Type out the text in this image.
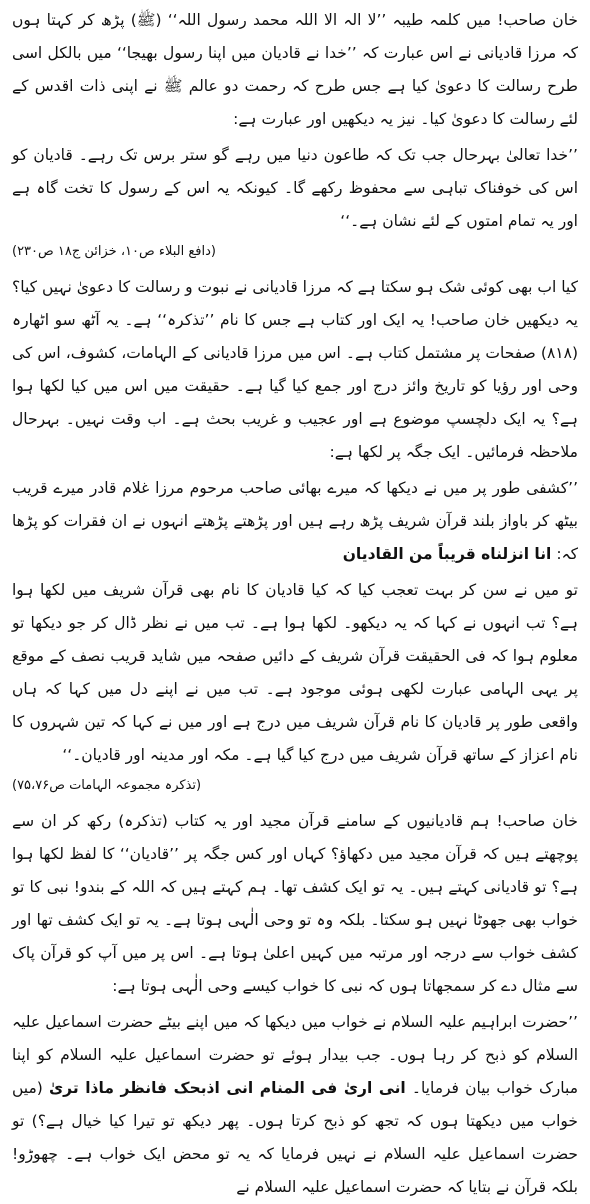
خان صاحب! میں کلمہ طیبہ ’’لا الہ الا اللہ محمد رسول اللہ‘‘ (ﷺ) پڑھ کر کہتا ہوں کہ مرزا قادیانی نے اس عبارت کہ ’’خدا نے قادیان میں اپنا رسول بھیجا‘‘ میں بالکل اسی طرح رسالت کا دعویٰ کیا ہے جس طرح کہ رحمت دو عالم ﷺ نے اپنی ذات اقدس کے لئے رسالت کا دعویٰ کیا۔ نیز یہ دیکھیں اور عبارت ہے:

’’خدا تعالیٰ بہرحال جب تک کہ طاعون دنیا میں رہے گو ستر برس تک رہے۔ قادیان کو اس کی خوفناک تباہی سے محفوظ رکھے گا۔ کیونکہ یہ اس کے رسول کا تخت گاہ ہے اور یہ تمام امتوں کے لئے نشان ہے۔‘‘

(دافع البلاء ص۱۰، خزائن ج۱۸ ص۲۳۰)

کیا اب بھی کوئی شک ہو سکتا ہے کہ مرزا قادیانی نے نبوت و رسالت کا دعویٰ نہیں کیا؟ یہ دیکھیں خان صاحب! یہ ایک اور کتاب ہے جس کا نام ’’تذکرہ‘‘ ہے۔ یہ آٹھ سو اٹھارہ (۸۱۸) صفحات پر مشتمل کتاب ہے۔ اس میں مرزا قادیانی کے الہامات، کشوف، اس کی وحی اور رؤیا کو تاریخ وائز درج اور جمع کیا گیا ہے۔ حقیقت میں اس میں کیا لکھا ہوا ہے؟ یہ ایک دلچسپ موضوع ہے اور عجیب و غریب بحث ہے۔ اب وقت نہیں۔ بہرحال ملاحظہ فرمائیں۔ ایک جگہ پر لکھا ہے:

’’کشفی طور پر میں نے دیکھا کہ میرے بھائی صاحب مرحوم مرزا غلام قادر میرے قریب بیٹھ کر باواز بلند قرآن شریف پڑھ رہے ہیں اور پڑھتے پڑھتے انہوں نے ان فقرات کو پڑھا کہ: انا انزلناه قريباً من القاديان

تو میں نے سن کر بہت تعجب کیا کہ کیا قادیان کا نام بھی قرآن شریف میں لکھا ہوا ہے؟ تب انہوں نے کہا کہ یہ دیکھو۔ لکھا ہوا ہے۔ تب میں نے نظر ڈال کر جو دیکھا تو معلوم ہوا کہ فی الحقیقت قرآن شریف کے دائیں صفحہ میں شاید قریب نصف کے موقع پر یہی الہامی عبارت لکھی ہوئی موجود ہے۔ تب میں نے اپنے دل میں کہا کہ ہاں واقعی طور پر قادیان کا نام قرآن شریف میں درج ہے اور میں نے کہا کہ تین شہروں کا نام اعزاز کے ساتھ قرآن شریف میں درج کیا گیا ہے۔ مکہ اور مدینہ اور قادیان۔‘‘

(تذکرہ مجموعہ الہامات ص۷۵،۷۶)

خان صاحب! ہم قادیانیوں کے سامنے قرآن مجید اور یہ کتاب (تذکرہ) رکھ کر ان سے پوچھتے ہیں کہ قرآن مجید میں دکھاؤ؟ کہاں اور کس جگہ پر ’’قادیان‘‘ کا لفظ لکھا ہوا ہے؟ تو قادیانی کہتے ہیں۔ یہ تو ایک کشف تھا۔ ہم کہتے ہیں کہ اللہ کے بندو! نبی کا تو خواب بھی جھوٹا نہیں ہو سکتا۔ بلکہ وہ تو وحی الٰہی ہوتا ہے۔ یہ تو ایک کشف تھا اور کشف خواب سے درجہ اور مرتبہ میں کہیں اعلیٰ ہوتا ہے۔ اس پر میں آپ کو قرآن پاک سے مثال دے کر سمجھاتا ہوں کہ نبی کا خواب کیسے وحی الٰہی ہوتا ہے:

’’حضرت ابراہیم علیہ السلام نے خواب میں دیکھا کہ میں اپنے بیٹے حضرت اسماعیل علیہ السلام کو ذبح کر رہا ہوں۔ جب بیدار ہوئے تو حضرت اسماعیل علیہ السلام کو اپنا مبارک خواب بیان فرمایا۔ انی اریٰ فی المنام انی اذبحک فانظر ماذا تریٰ (میں خواب میں دیکھتا ہوں کہ تجھ کو ذبح کرتا ہوں۔ پھر دیکھ تو تیرا کیا خیال ہے؟) تو حضرت اسماعیل علیہ السلام نے نہیں فرمایا کہ یہ تو محض ایک خواب ہے۔ چھوڑو! بلکہ قرآن نے بتایا کہ حضرت اسماعیل علیہ السلام نے
